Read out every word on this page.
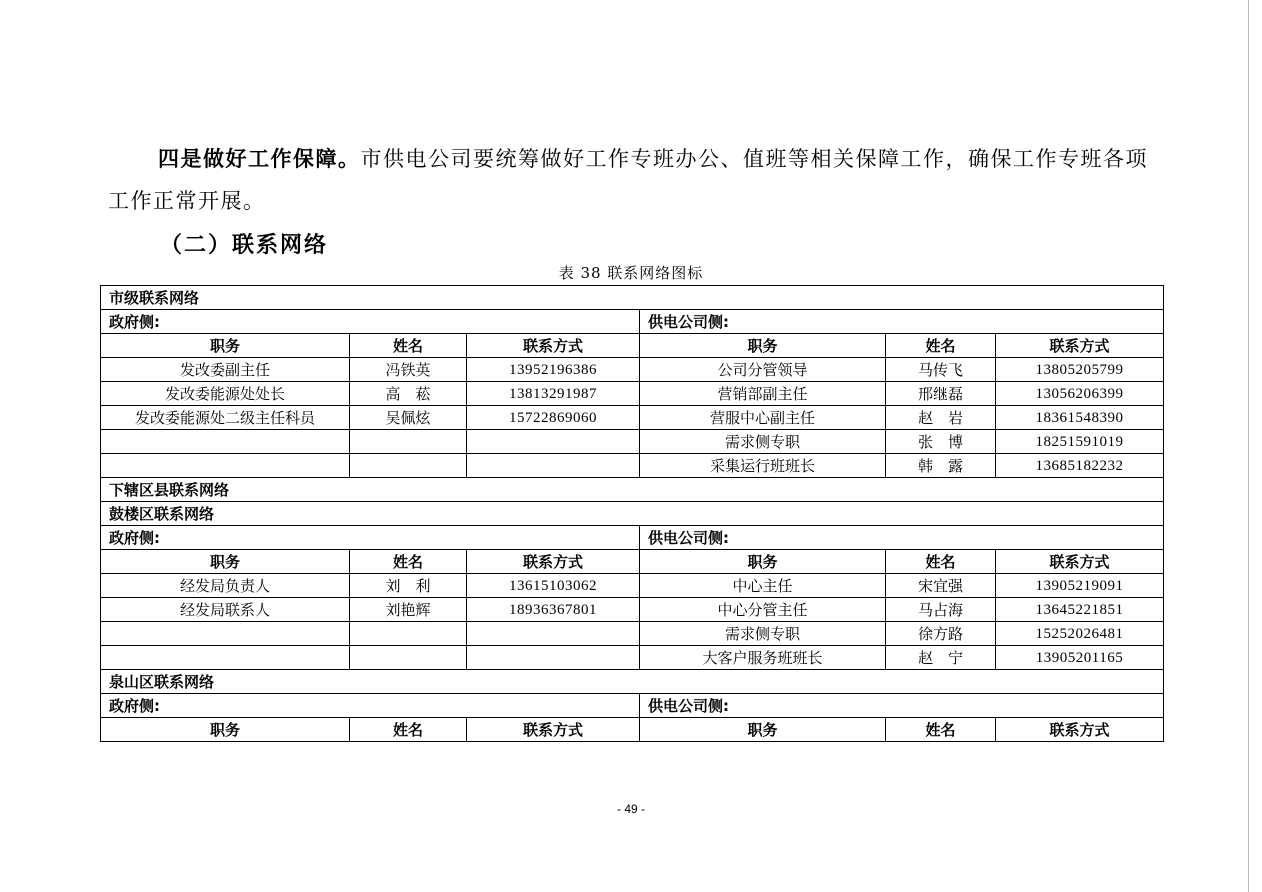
四是做好工作保障。市供电公司要统筹做好工作专班办公、值班等相关保障工作，确保工作专班各项工作正常开展。
（二）联系网络
表 38 联系网络图标
市级联系网络					
政府侧:			供电公司侧:		
职务	姓名	联系方式	职务	姓名	联系方式
发改委副主任	冯铁英	13952196386	公司分管领导	马传飞	13805205799
发改委能源处处长	高　菘	13813291987	营销部副主任	邢继磊	13056206399
发改委能源处二级主任科员	吴佩炫	15722869060	营服中心副主任	赵　岩	18361548390
			需求侧专职	张　博	18251591019
			采集运行班班长	韩　露	13685182232
下辖区县联系网络					
鼓楼区联系网络					
政府侧:			供电公司侧:		
职务	姓名	联系方式	职务	姓名	联系方式
经发局负责人	刘　利	13615103062	中心主任	宋宜强	13905219091
经发局联系人	刘艳辉	18936367801	中心分管主任	马占海	13645221851
			需求侧专职	徐方路	15252026481
			大客户服务班班长	赵　宁	13905201165
泉山区联系网络					
政府侧:			供电公司侧:		
职务	姓名	联系方式	职务	姓名	联系方式
- 49 -
